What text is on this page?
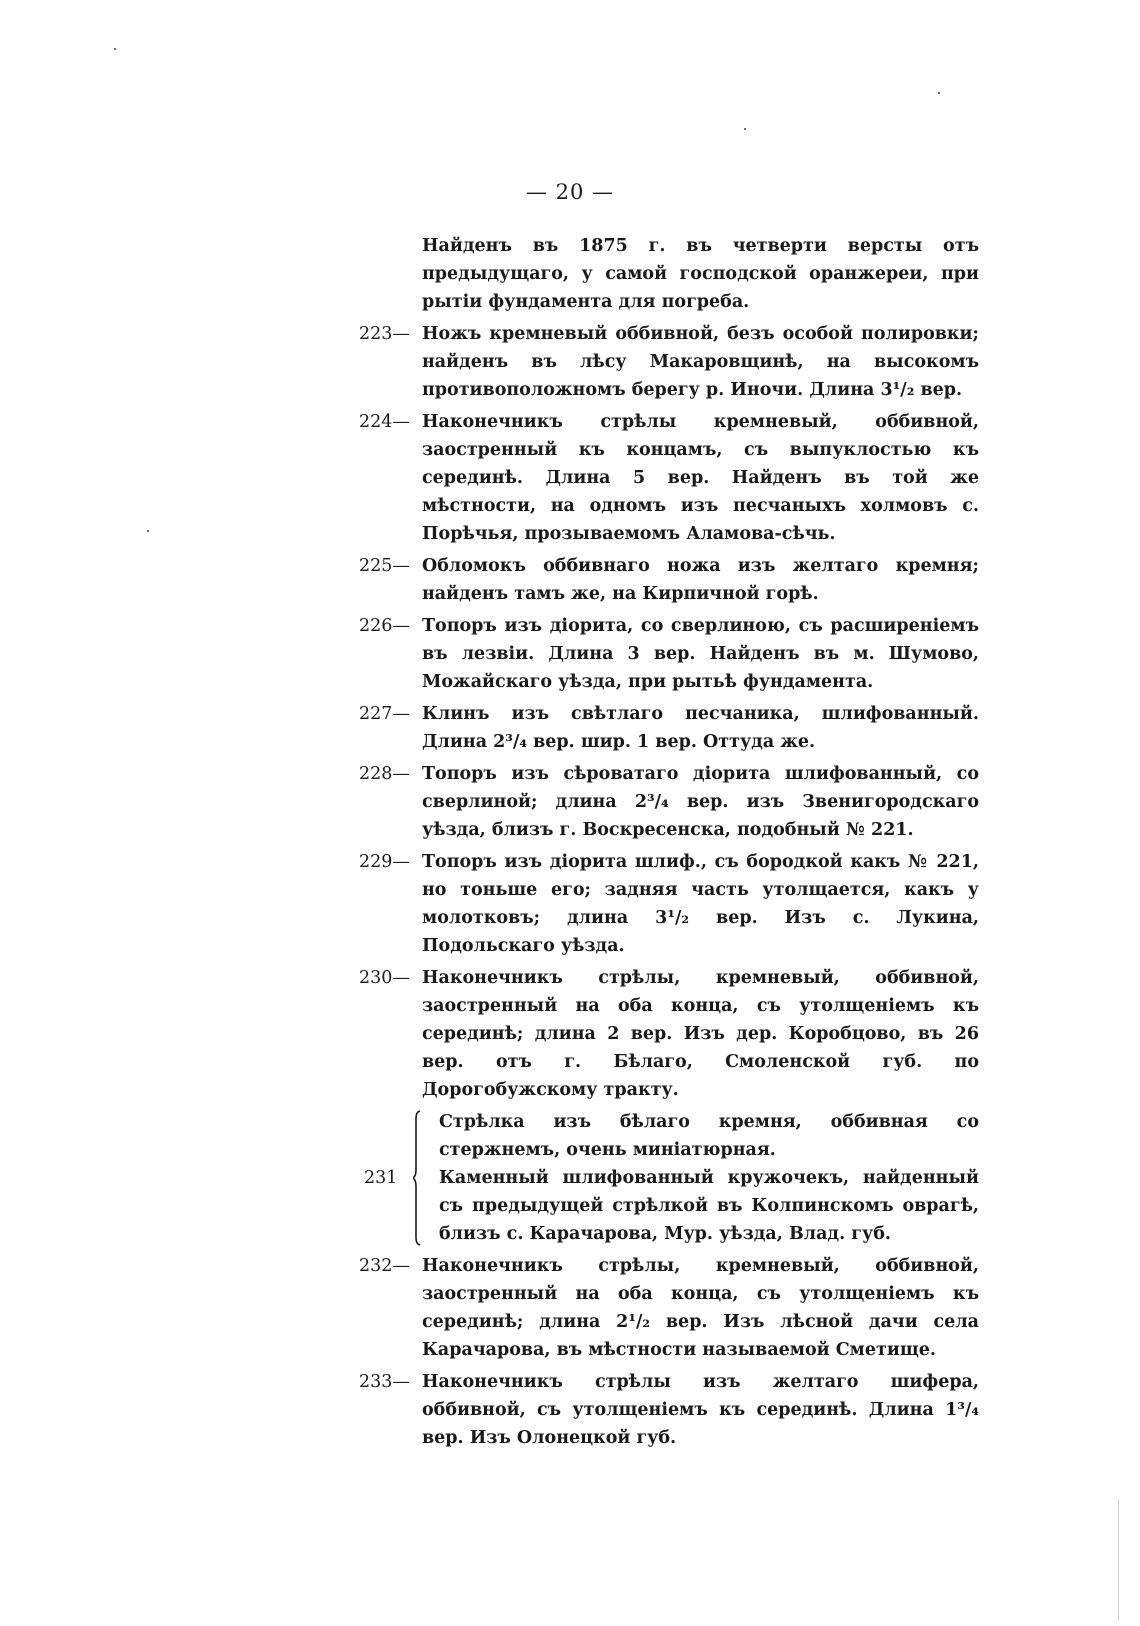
— 20 —
Найденъ въ 1875 г. въ четверти версты отъ предыдущаго, у самой господской оранжереи, при рытіи фундамента для погреба.
223— Ножъ кремневый оббивной, безъ особой полировки; найденъ въ лѣсу Макаровщинѣ, на высокомъ противоположномъ берегу р. Иночи. Длина 3¹/₂ вер.
224— Наконечникъ стрѣлы кремневый, оббивной, заостренный къ концамъ, съ выпуклостью къ серединѣ. Длина 5 вер. Найденъ въ той же мѣстности, на одномъ изъ песчаныхъ холмовъ с. Порѣчья, прозываемомъ Аламова-сѣчь.
225— Обломокъ оббивнаго ножа изъ желтаго кремня; найденъ тамъ же, на Кирпичной горѣ.
226— Топоръ изъ діорита, со сверлиною, съ расширеніемъ въ лезвіи. Длина 3 вер. Найденъ въ м. Шумово, Можайскаго уѣзда, при рытьѣ фундамента.
227— Клинъ изъ свѣтлаго песчаника, шлифованный. Длина 2³/₄ вер. шир. 1 вер. Оттуда же.
228— Топоръ изъ сѣроватаго діорита шлифованный, со сверлиной; длина 2³/₄ вер. изъ Звенигородскаго уѣзда, близъ г. Воскресенска, подобный № 221.
229— Топоръ изъ діорита шлиф., съ бородкой какъ № 221, но тоньше его; задняя часть утолщается, какъ у молотковъ; длина 3¹/₂ вер. Изъ с. Лукина, Подольскаго уѣзда.
230— Наконечникъ стрѣлы, кремневый, оббивной, заостренный на оба конца, съ утолщеніемъ къ серединѣ; длина 2 вер. Изъ дер. Коробцово, въ 26 вер. отъ г. Бѣлаго, Смоленской губ. по Дорогобужскому тракту.
231
Стрѣлка изъ бѣлаго кремня, оббивная со стержнемъ, очень миніатюрная.
Каменный шлифованный кружочекъ, найденный съ предыдущей стрѣлкой въ Колпинскомъ оврагѣ, близъ с. Карачарова, Мур. уѣзда, Влад. губ.
232— Наконечникъ стрѣлы, кремневый, оббивной, заостренный на оба конца, съ утолщеніемъ къ серединѣ; длина 2¹/₂ вер. Изъ лѣсной дачи села Карачарова, въ мѣстности называемой Сметище.
233— Наконечникъ стрѣлы изъ желтаго шифера, оббивной, съ утолщеніемъ къ серединѣ. Длина 1³/₄ вер. Изъ Олонецкой губ.
